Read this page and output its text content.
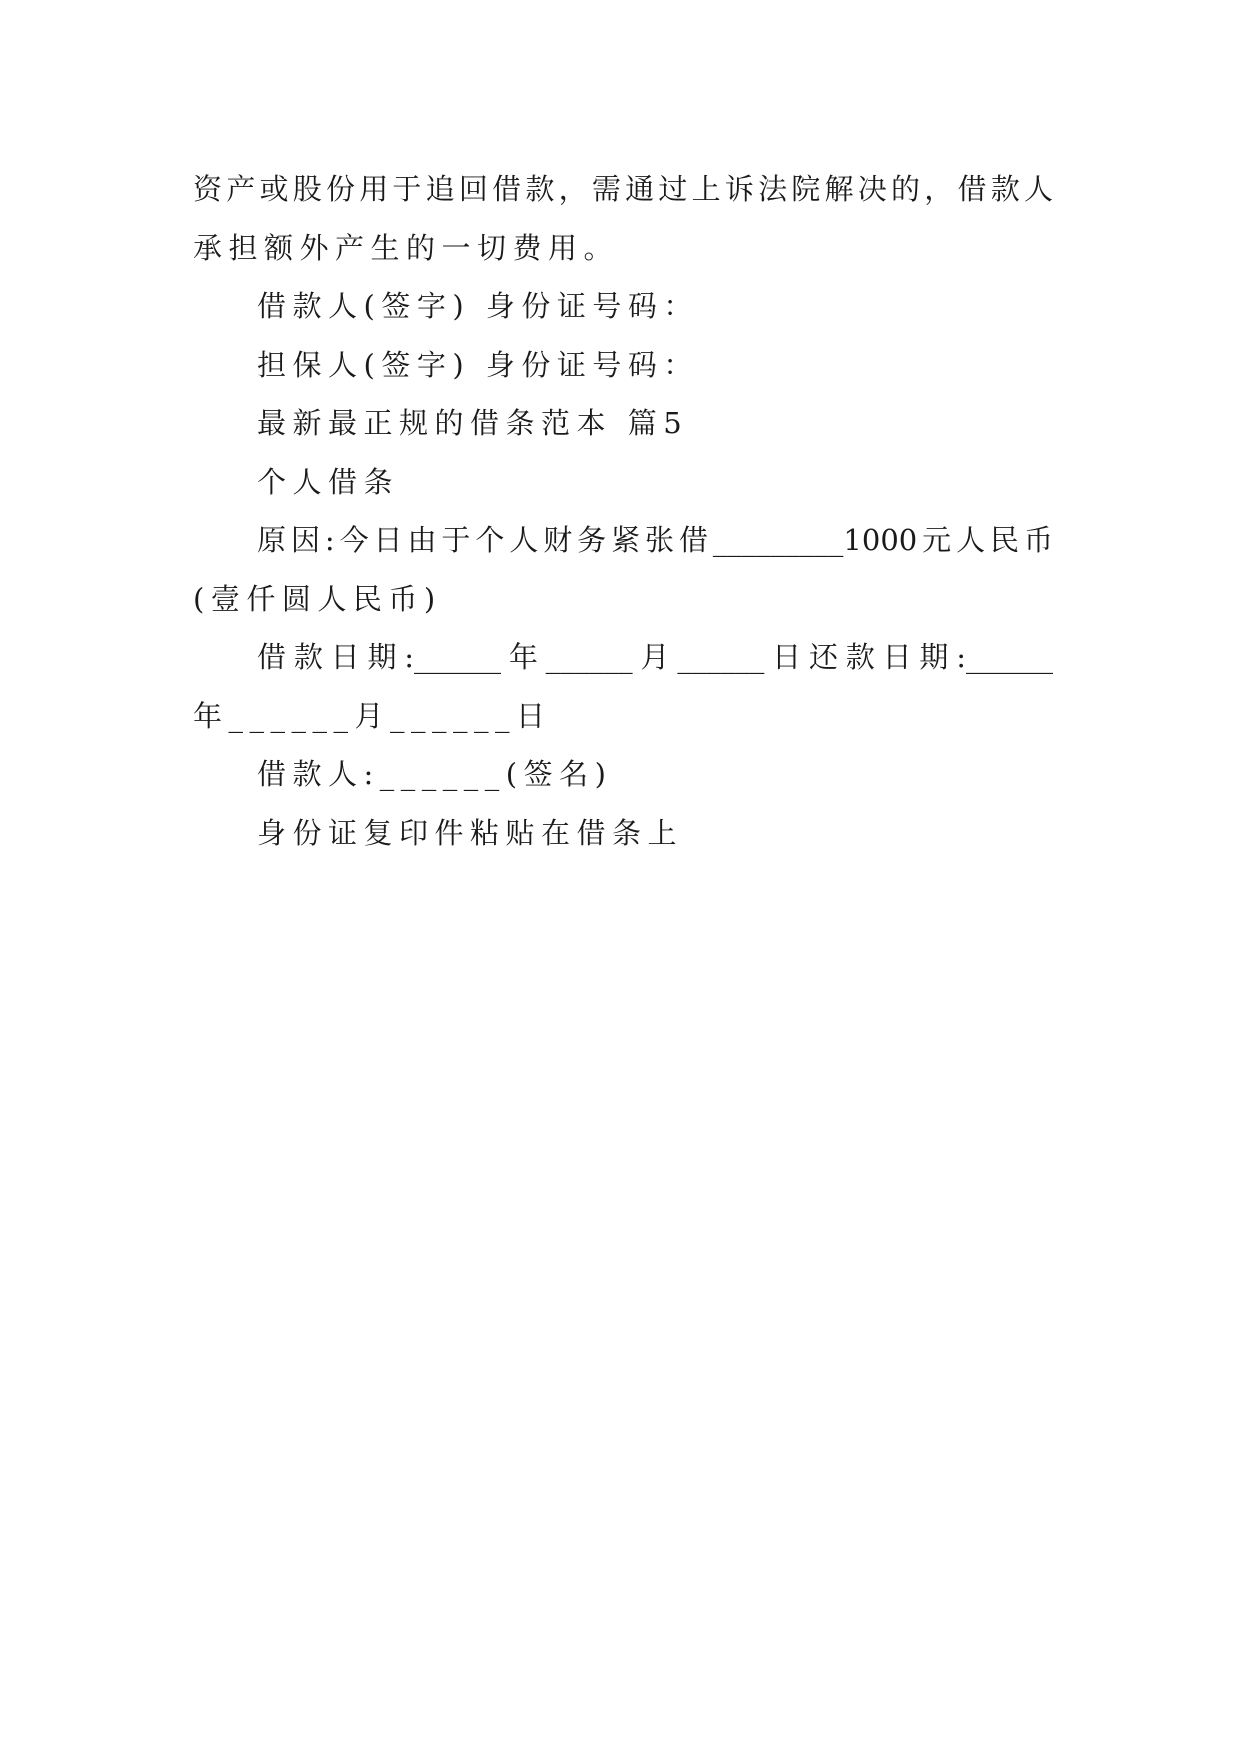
资产或股份用于追回借款，需通过上诉法院解决的，借款人
承担额外产生的一切费用。
借款人(签字) 身份证号码：
担保人(签字) 身份证号码：
最新最正规的借条范本 篇5
个人借条
原因:今日由于个人财务紧张借_________1000元人民币
(壹仟圆人民币)
借款日期:______年______月______日还款日期:______
年______月______日
借款人:______(签名)
身份证复印件粘贴在借条上
